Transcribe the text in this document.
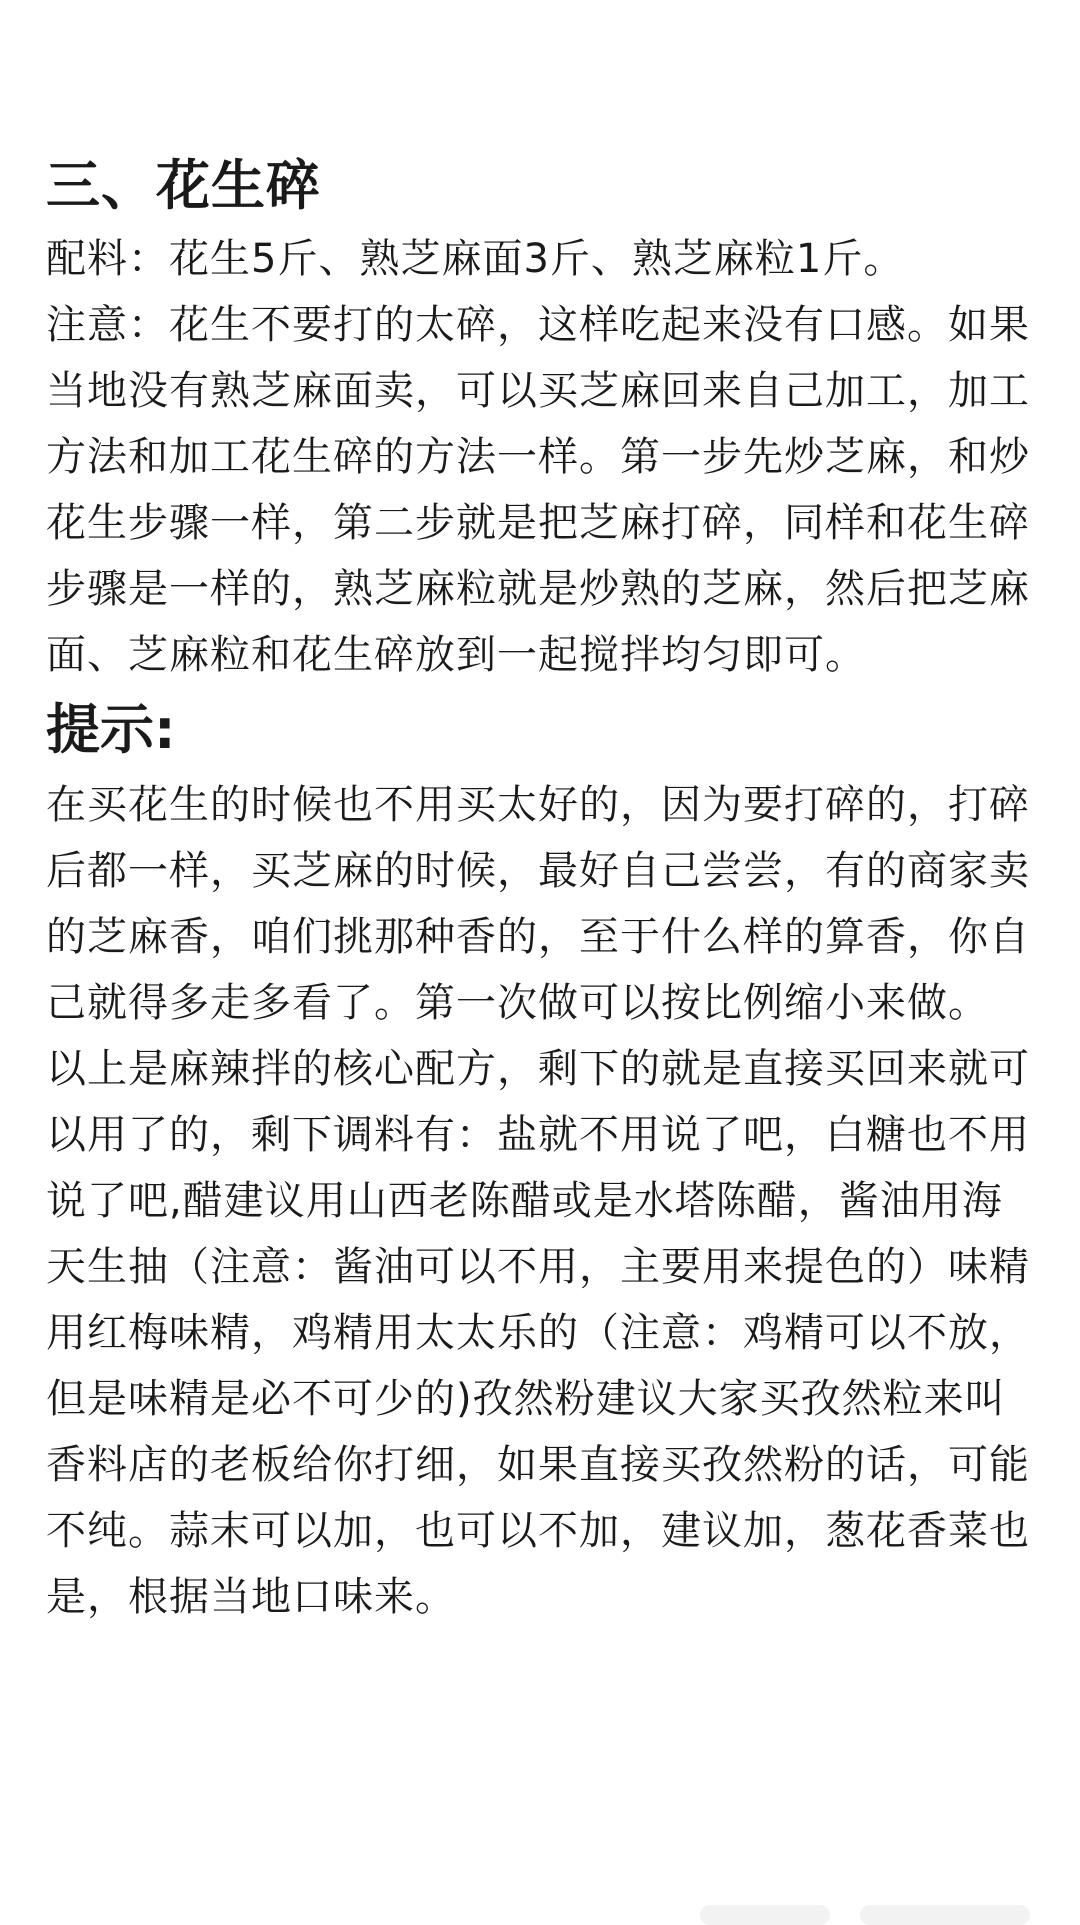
三、花生碎

配料：花生5斤、熟芝麻面3斤、熟芝麻粒1斤。

注意：花生不要打的太碎，这样吃起来没有口感。如果当地没有熟芝麻面卖，可以买芝麻回来自己加工，加工方法和加工花生碎的方法一样。第一步先炒芝麻，和炒花生步骤一样，第二步就是把芝麻打碎，同样和花生碎步骤是一样的，熟芝麻粒就是炒熟的芝麻，然后把芝麻面、芝麻粒和花生碎放到一起搅拌均匀即可。

提示:

在买花生的时候也不用买太好的，因为要打碎的，打碎后都一样，买芝麻的时候，最好自己尝尝，有的商家卖的芝麻香，咱们挑那种香的，至于什么样的算香，你自己就得多走多看了。第一次做可以按比例缩小来做。

以上是麻辣拌的核心配方，剩下的就是直接买回来就可以用了的，剩下调料有：盐就不用说了吧，白糖也不用说了吧,醋建议用山西老陈醋或是水塔陈醋，酱油用海天生抽（注意：酱油可以不用，主要用来提色的）味精用红梅味精，鸡精用太太乐的（注意：鸡精可以不放，但是味精是必不可少的)孜然粉建议大家买孜然粒来叫香料店的老板给你打细，如果直接买孜然粉的话，可能不纯。蒜末可以加，也可以不加，建议加，葱花香菜也是，根据当地口味来。
